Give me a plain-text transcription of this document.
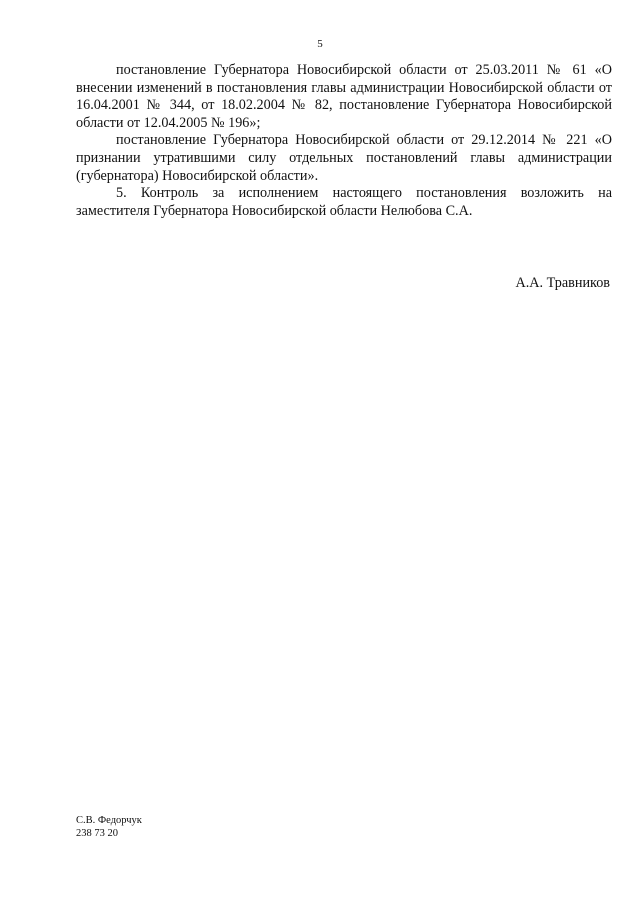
5

постановление Губернатора Новосибирской области от 25.03.2011 № 61 «О внесении изменений в постановления главы администрации Новосибирской области от 16.04.2001 № 344, от 18.02.2004 № 82, постановление Губернатора Новосибирской области от 12.04.2005 № 196»;

постановление Губернатора Новосибирской области от 29.12.2014 № 221 «О признании утратившими силу отдельных постановлений главы администрации (губернатора) Новосибирской области».

5. Контроль за исполнением настоящего постановления возложить на заместителя Губернатора Новосибирской области Нелюбова С.А.

А.А. Травников
С.В. Федорчук
238 73 20
